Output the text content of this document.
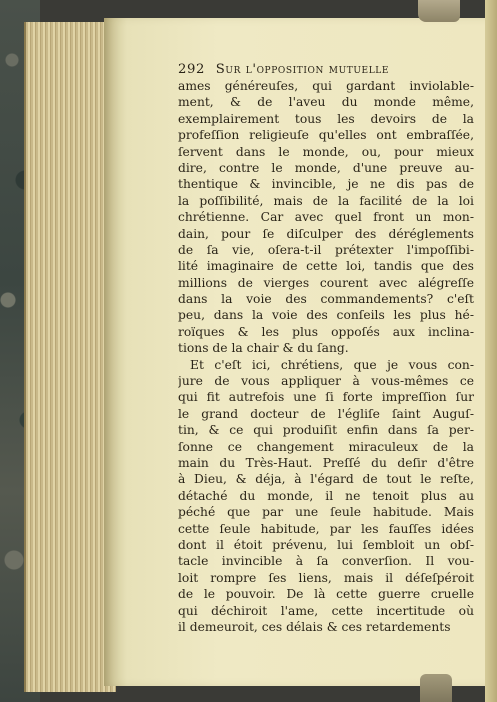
292 Sur l'opposition mutuelle
ames généreuſes, qui gardant inviolable-
ment, & de l'aveu du monde même,
exemplairement tous les devoirs de la
profeſſion religieuſe qu'elles ont embraſſée,
ſervent dans le monde, ou, pour mieux
dire, contre le monde, d'une preuve au-
thentique & invincible, je ne dis pas de
la poſſibilité, mais de la facilité de la loi
chrétienne. Car avec quel front un mon-
dain, pour ſe diſculper des déréglements
de ſa vie, oſera-t-il prétexter l'impoſſibi-
lité imaginaire de cette loi, tandis que des
millions de vierges courent avec alégreſſe
dans la voie des commandements? c'eſt
peu, dans la voie des conſeils les plus hé-
roïques & les plus oppoſés aux inclina-
tions de la chair & du ſang.
Et c'eſt ici, chrétiens, que je vous con-
jure de vous appliquer à vous-mêmes ce
qui fit autrefois une ſi forte impreſſion ſur
le grand docteur de l'égliſe ſaint Auguſ-
tin, & ce qui produiſit enfin dans ſa per-
ſonne ce changement miraculeux de la
main du Très-Haut. Preſſé du deſir d'être
à Dieu, & déja, à l'égard de tout le reſte,
détaché du monde, il ne tenoit plus au
péché que par une ſeule habitude. Mais
cette ſeule habitude, par les fauſſes idées
dont il étoit prévenu, lui ſembloit un obſ-
tacle invincible à ſa converſion. Il vou-
loit rompre ſes liens, mais il déſeſpéroit
de le pouvoir. De là cette guerre cruelle
qui déchiroit l'ame, cette incertitude où
il demeuroit, ces délais & ces retardements
